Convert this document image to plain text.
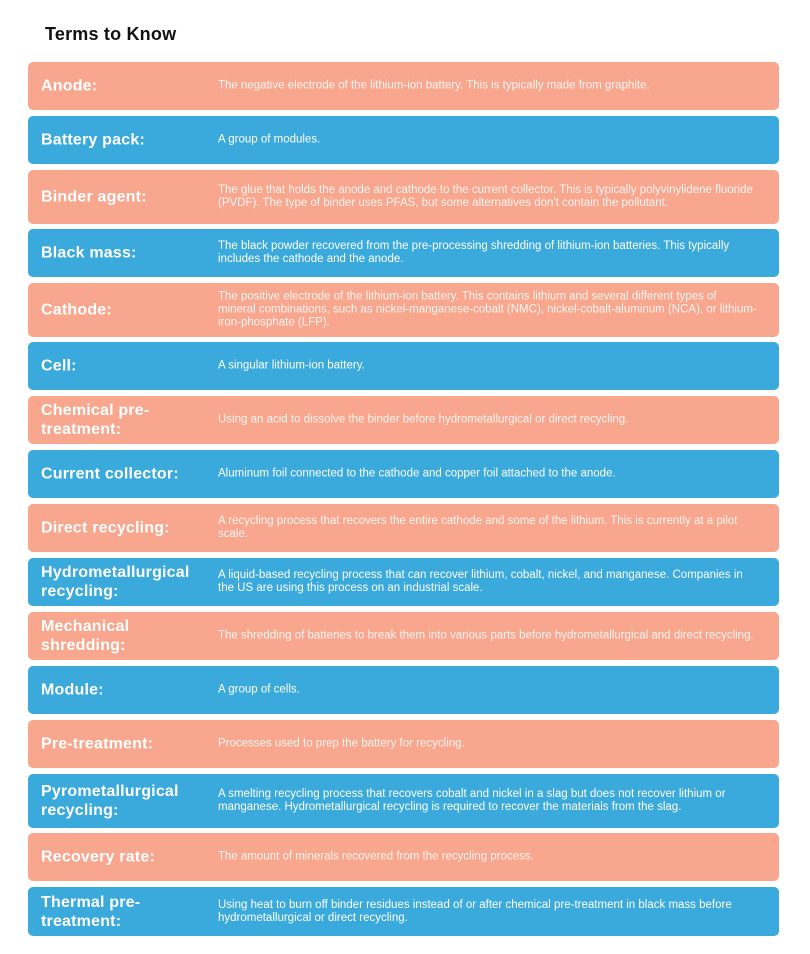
Terms to Know
Anode:	The negative electrode of the lithium-ion battery. This is typically made from graphite.
Battery pack:	A group of modules.
Binder agent:	The glue that holds the anode and cathode to the current collector. This is typically polyvinylidene fluoride (PVDF). The type of binder uses PFAS, but some alternatives don't contain the pollutant.
Black mass:	The black powder recovered from the pre-processing shredding of lithium-ion batteries. This typically includes the cathode and the anode.
Cathode:
The positive electrode of the lithium-ion battery. This contains lithium and several different types of mineral combinations, such as nickel-manganese-cobalt (NMC), nickel-cobalt-aluminum (NCA), or lithium-iron-phosphate (LFP).
Cell:	A singular lithium-ion battery.
Chemical pre-treatment:
Using an acid to dissolve the binder before hydrometallurgical or direct recycling.
Current collector:	Aluminum foil connected to the cathode and copper foil attached to the anode.
Direct recycling:	A recycling process that recovers the entire cathode and some of the lithium. This is currently at a pilot scale.
Hydrometallurgical recycling:
A liquid-based recycling process that can recover lithium, cobalt, nickel, and manganese. Companies in the US are using this process on an industrial scale.
Mechanical shredding:
The shredding of batteries to break them into various parts before hydrometallurgical and direct recycling.
Module:	A group of cells.
Pre-treatment:	Processes used to prep the battery for recycling.
Pyrometallurgical recycling:
A smelting recycling process that recovers cobalt and nickel in a slag but does not recover lithium or manganese. Hydrometallurgical recycling is required to recover the materials from the slag.
Recovery rate:	The amount of minerals recovered from the recycling process.
Thermal pre-treatment:
Using heat to burn off binder residues instead of or after chemical pre-treatment in black mass before hydrometallurgical or direct recycling.
